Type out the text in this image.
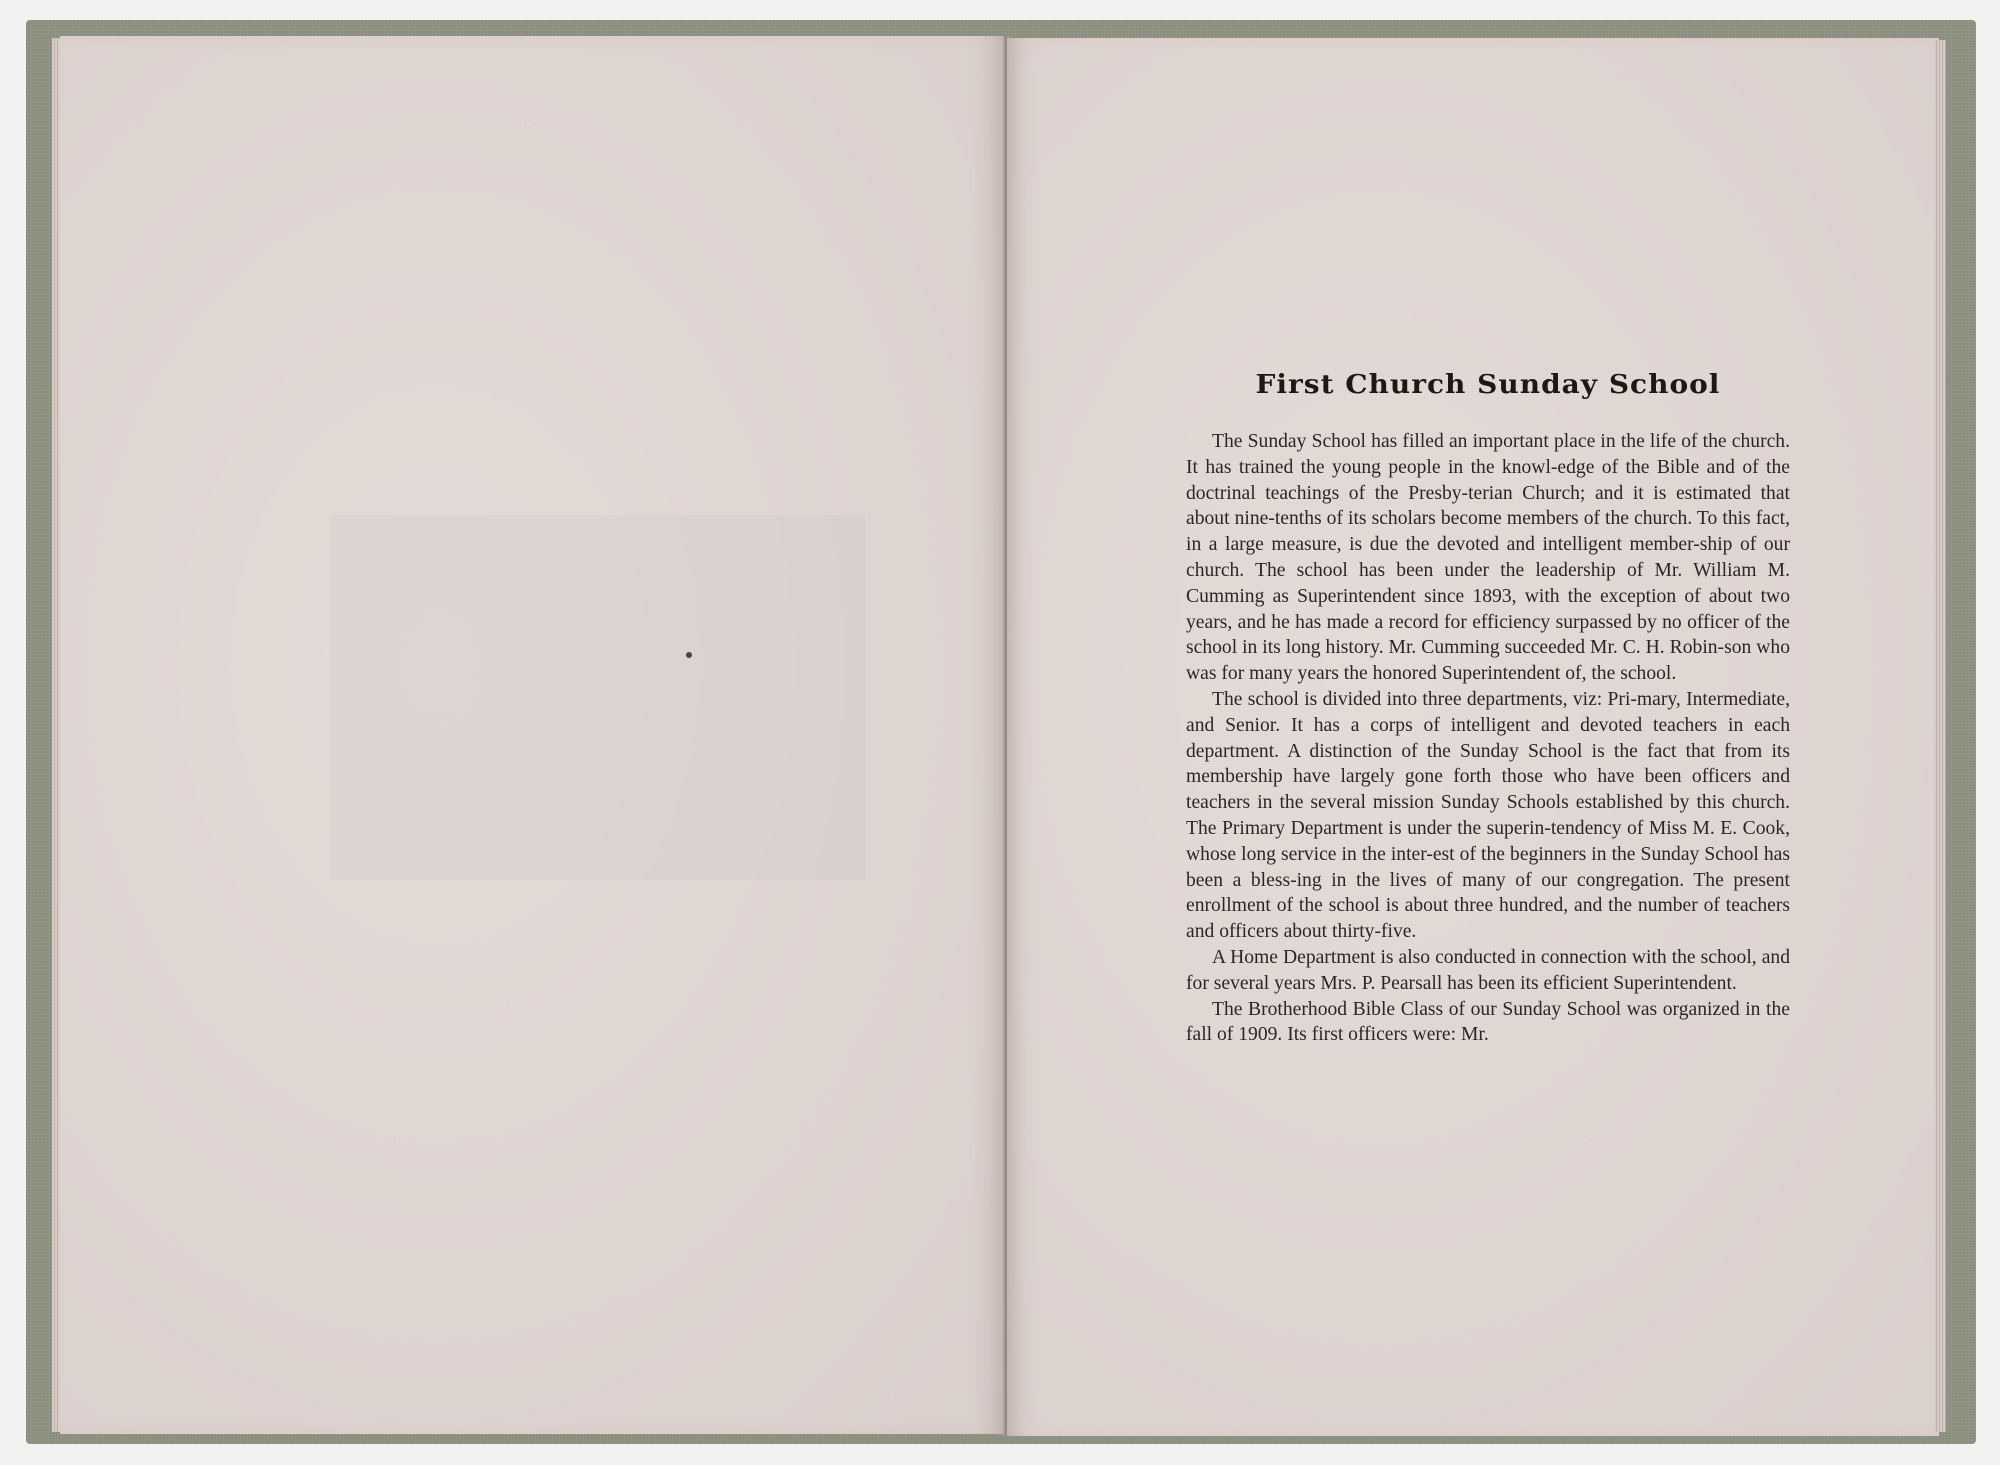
First Church Sunday School

The Sunday School has filled an important place in the life of the church. It has trained the young people in the knowl-edge of the Bible and of the doctrinal teachings of the Presby-terian Church; and it is estimated that about nine-tenths of its scholars become members of the church. To this fact, in a large measure, is due the devoted and intelligent member-ship of our church. The school has been under the leadership of Mr. William M. Cumming as Superintendent since 1893, with the exception of about two years, and he has made a record for efficiency surpassed by no officer of the school in its long history. Mr. Cumming succeeded Mr. C. H. Robin-son who was for many years the honored Superintendent of, the school.

The school is divided into three departments, viz: Pri-mary, Intermediate, and Senior. It has a corps of intelligent and devoted teachers in each department. A distinction of the Sunday School is the fact that from its membership have largely gone forth those who have been officers and teachers in the several mission Sunday Schools established by this church. The Primary Department is under the superin-tendency of Miss M. E. Cook, whose long service in the inter-est of the beginners in the Sunday School has been a bless-ing in the lives of many of our congregation. The present enrollment of the school is about three hundred, and the number of teachers and officers about thirty-five.

A Home Department is also conducted in connection with the school, and for several years Mrs. P. Pearsall has been its efficient Superintendent.

The Brotherhood Bible Class of our Sunday School was organized in the fall of 1909. Its first officers were: Mr.
